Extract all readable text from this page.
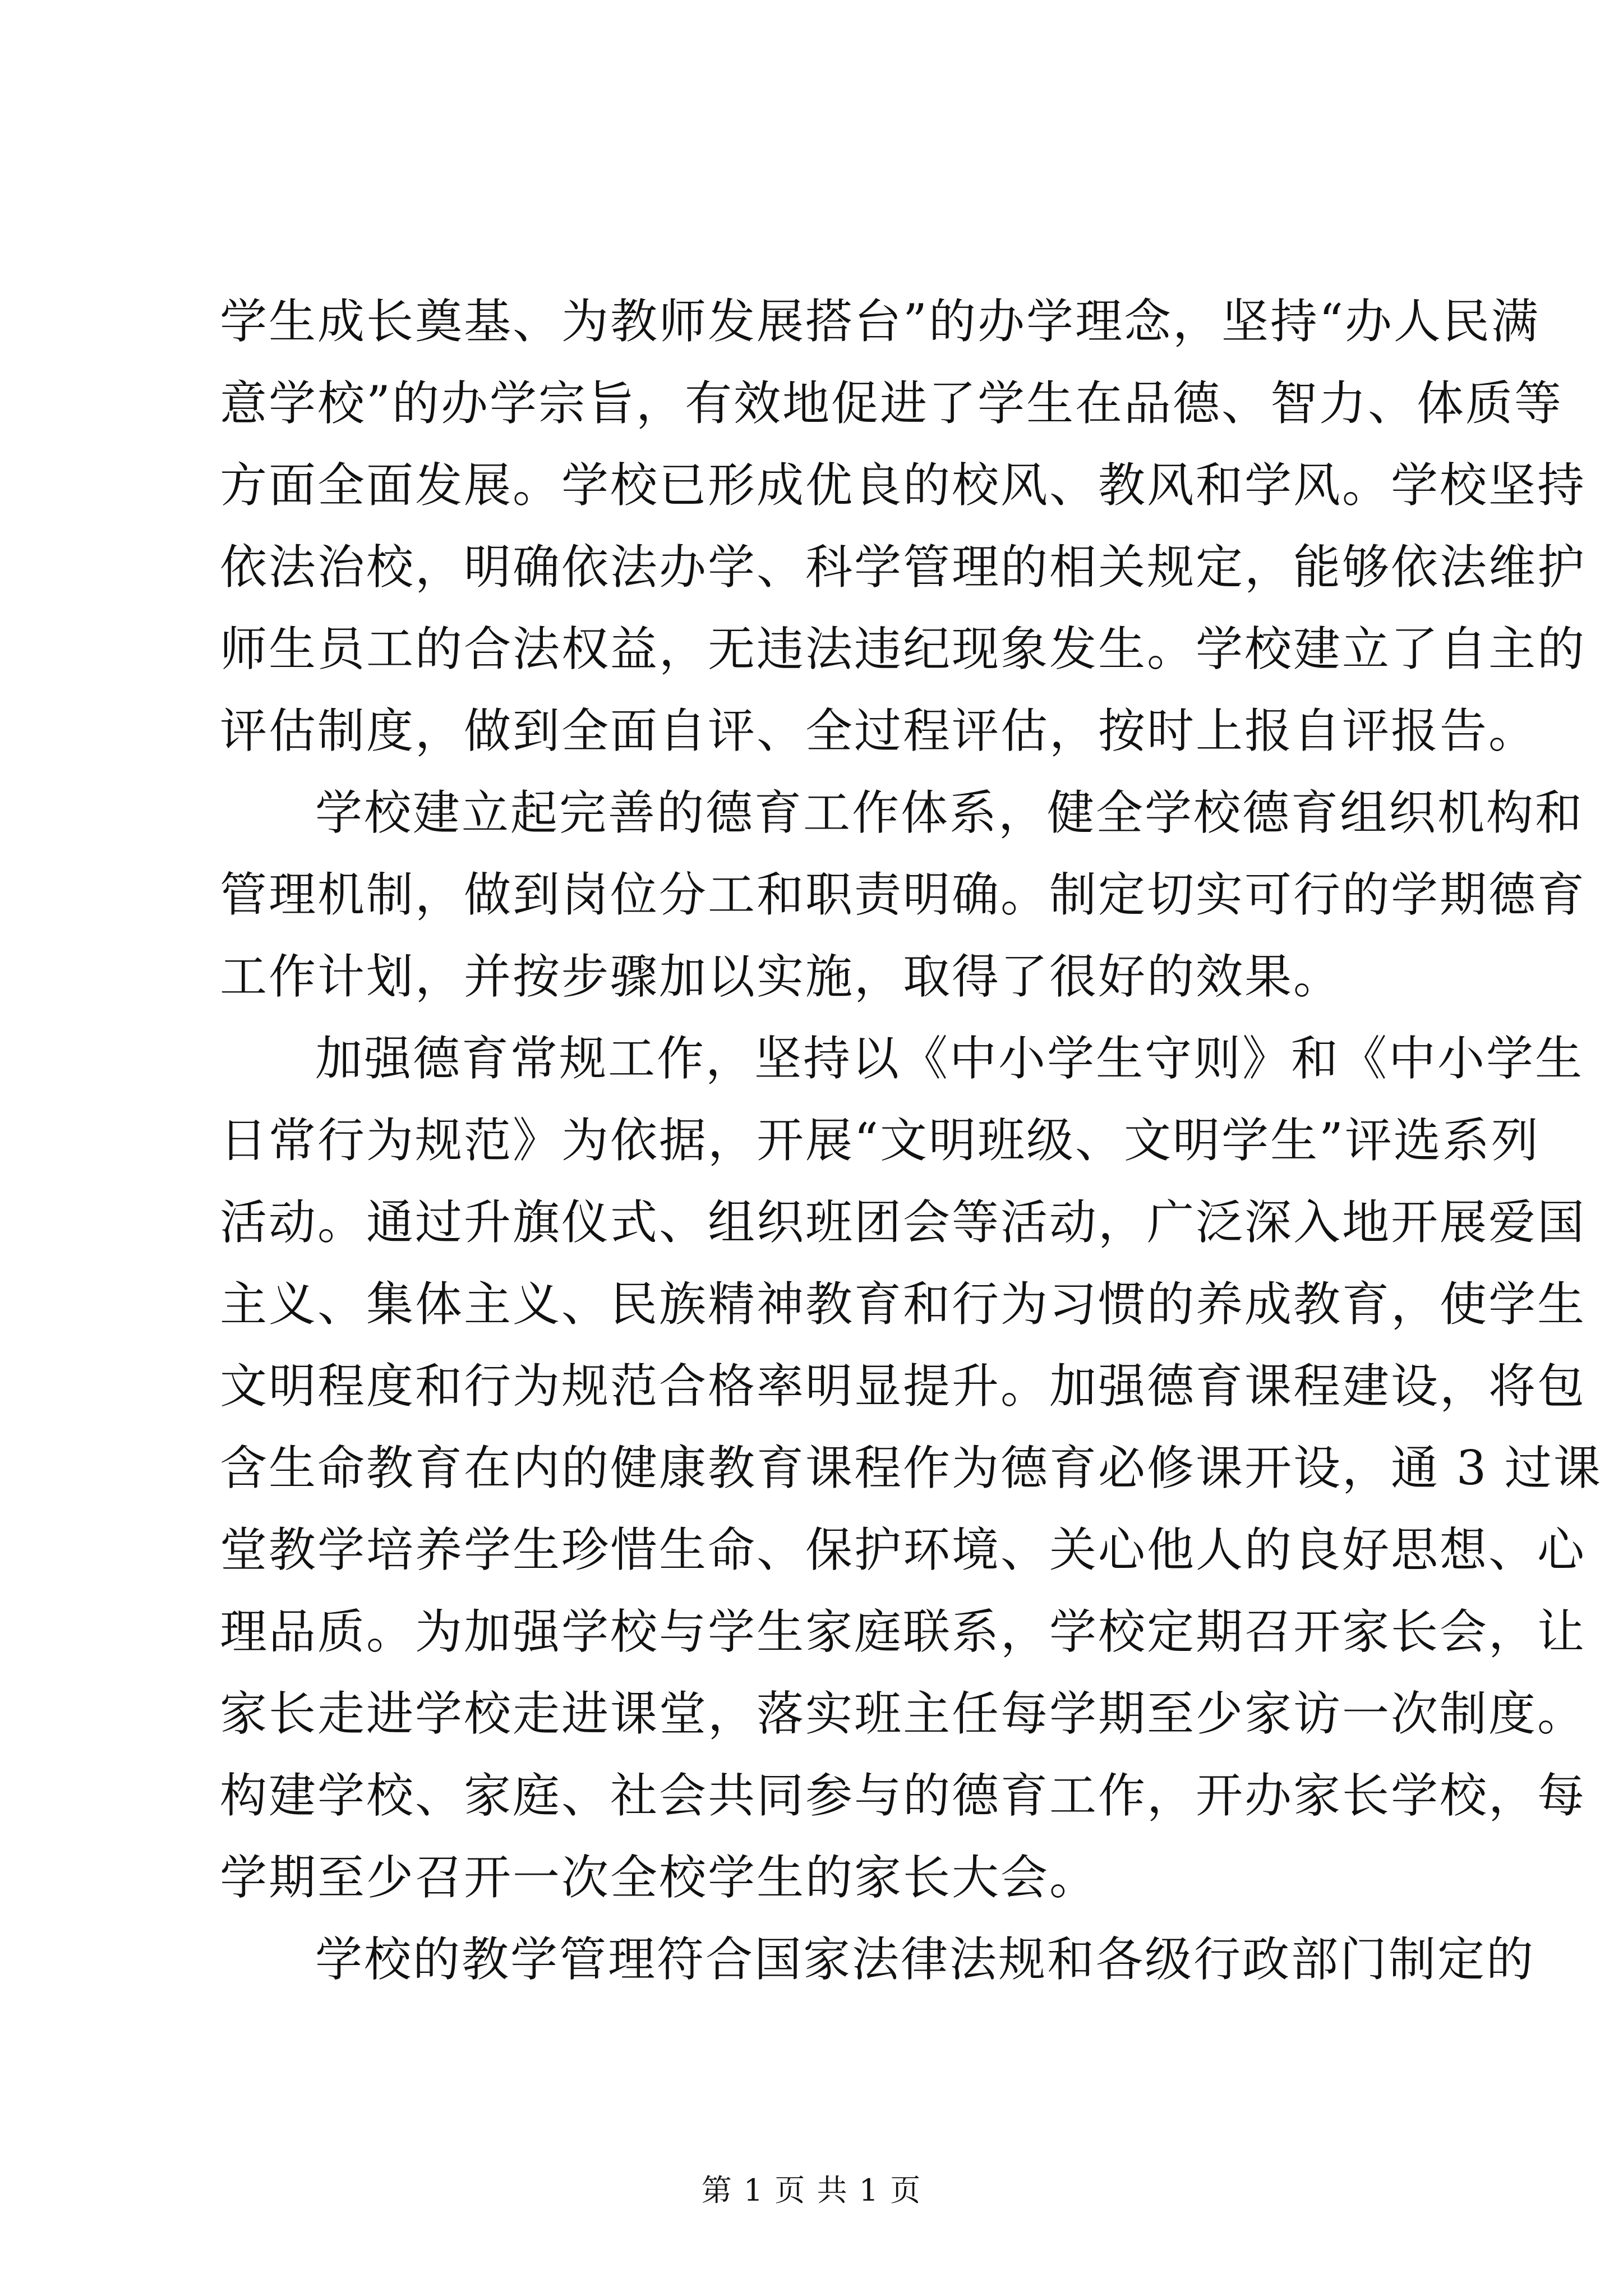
学生成长奠基、为教师发展搭台”的办学理念，坚持“办人民满
意学校”的办学宗旨，有效地促进了学生在品德、智力、体质等
方面全面发展。学校已形成优良的校风、教风和学风。学校坚持
依法治校，明确依法办学、科学管理的相关规定，能够依法维护
师生员工的合法权益，无违法违纪现象发生。学校建立了自主的
评估制度，做到全面自评、全过程评估，按时上报自评报告。
学校建立起完善的德育工作体系，健全学校德育组织机构和
管理机制，做到岗位分工和职责明确。制定切实可行的学期德育
工作计划，并按步骤加以实施，取得了很好的效果。
加强德育常规工作，坚持以《中小学生守则》和《中小学生
日常行为规范》为依据，开展“文明班级、文明学生”评选系列
活动。通过升旗仪式、组织班团会等活动，广泛深入地开展爱国
主义、集体主义、民族精神教育和行为习惯的养成教育，使学生
文明程度和行为规范合格率明显提升。加强德育课程建设，将包
含生命教育在内的健康教育课程作为德育必修课开设，通 3 过课
堂教学培养学生珍惜生命、保护环境、关心他人的良好思想、心
理品质。为加强学校与学生家庭联系，学校定期召开家长会，让
家长走进学校走进课堂，落实班主任每学期至少家访一次制度。
构建学校、家庭、社会共同参与的德育工作，开办家长学校，每
学期至少召开一次全校学生的家长大会。
学校的教学管理符合国家法律法规和各级行政部门制定的
第 1 页 共 1 页
